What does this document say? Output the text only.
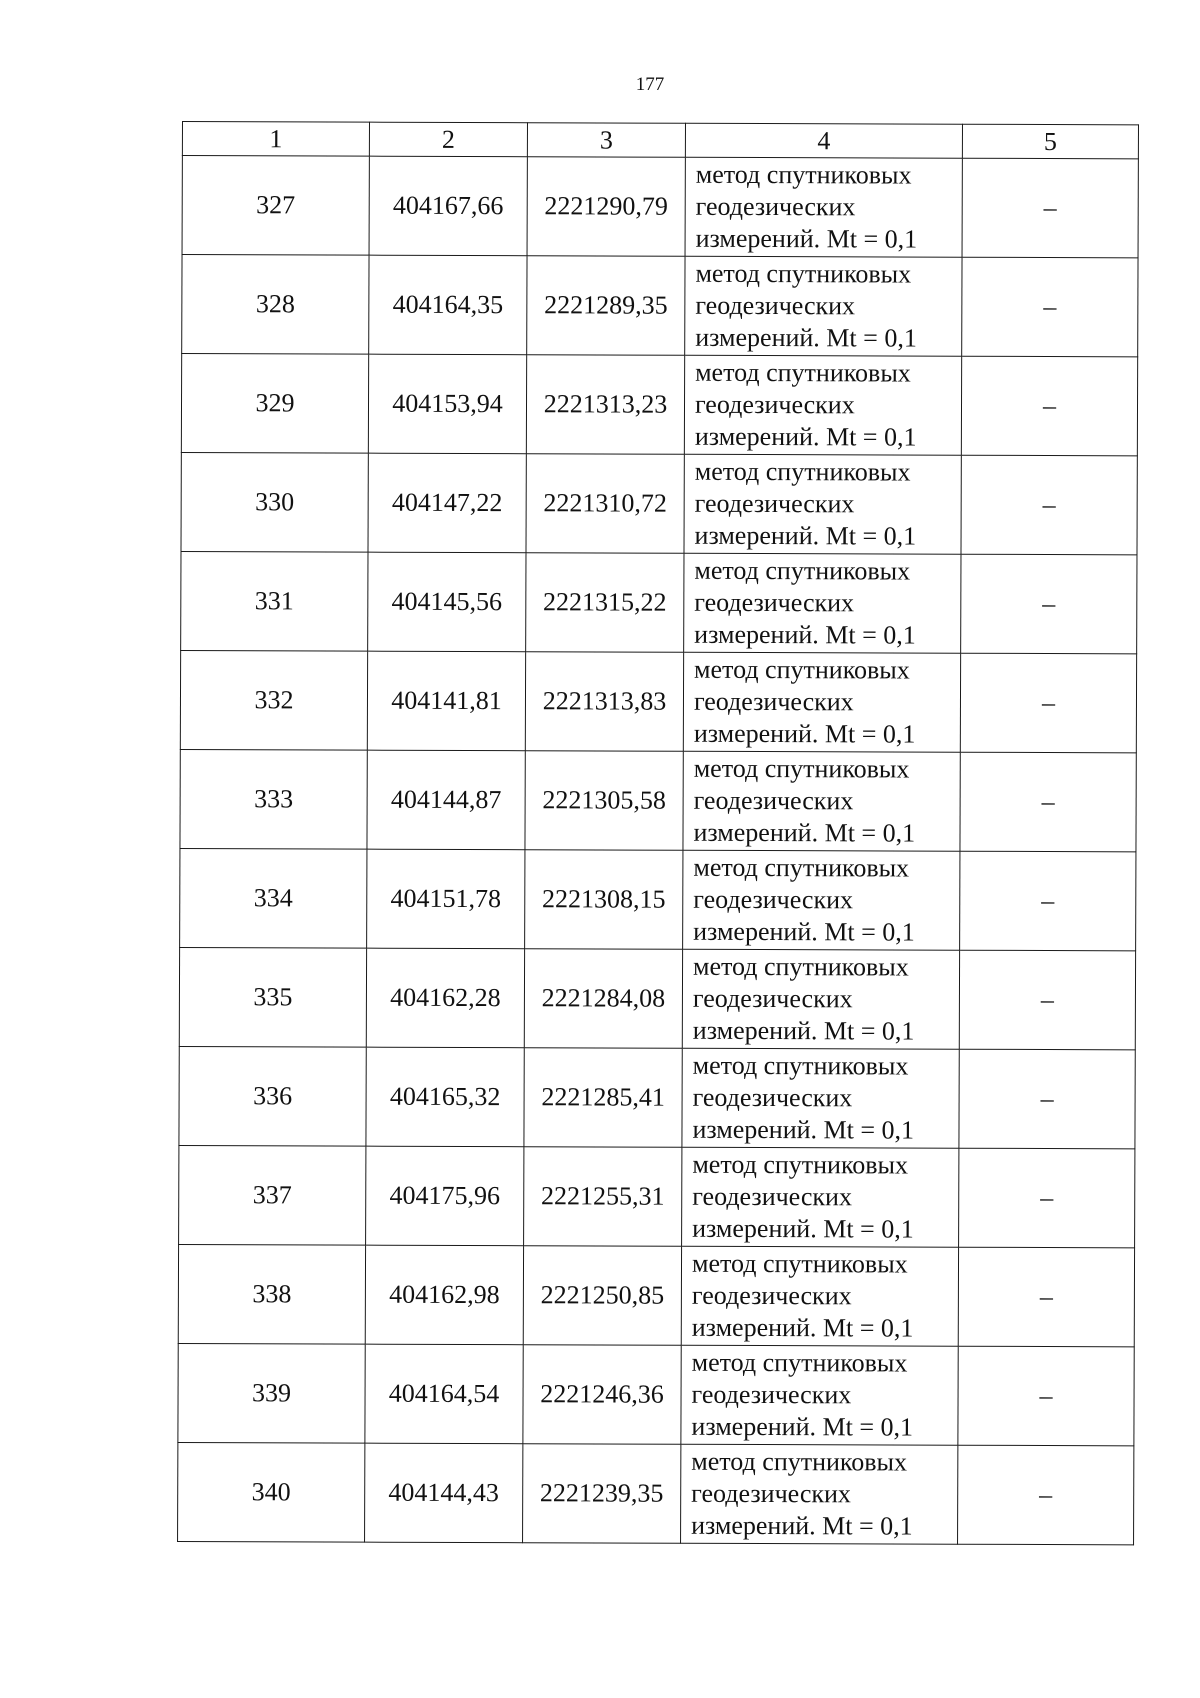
177
1	2	3	4	5
327	404167,66	2221290,79	метод спутниковых
геодезических
измерений. Mt = 0,1	–
328	404164,35	2221289,35	метод спутниковых
геодезических
измерений. Mt = 0,1	–
329	404153,94	2221313,23	метод спутниковых
геодезических
измерений. Mt = 0,1	–
330	404147,22	2221310,72	метод спутниковых
геодезических
измерений. Mt = 0,1	–
331	404145,56	2221315,22	метод спутниковых
геодезических
измерений. Mt = 0,1	–
332	404141,81	2221313,83	метод спутниковых
геодезических
измерений. Mt = 0,1	–
333	404144,87	2221305,58	метод спутниковых
геодезических
измерений. Mt = 0,1	–
334	404151,78	2221308,15	метод спутниковых
геодезических
измерений. Mt = 0,1	–
335	404162,28	2221284,08	метод спутниковых
геодезических
измерений. Mt = 0,1	–
336	404165,32	2221285,41	метод спутниковых
геодезических
измерений. Mt = 0,1	–
337	404175,96	2221255,31	метод спутниковых
геодезических
измерений. Mt = 0,1	–
338	404162,98	2221250,85	метод спутниковых
геодезических
измерений. Mt = 0,1	–
339	404164,54	2221246,36	метод спутниковых
геодезических
измерений. Mt = 0,1	–
340	404144,43	2221239,35	метод спутниковых
геодезических
измерений. Mt = 0,1	–
